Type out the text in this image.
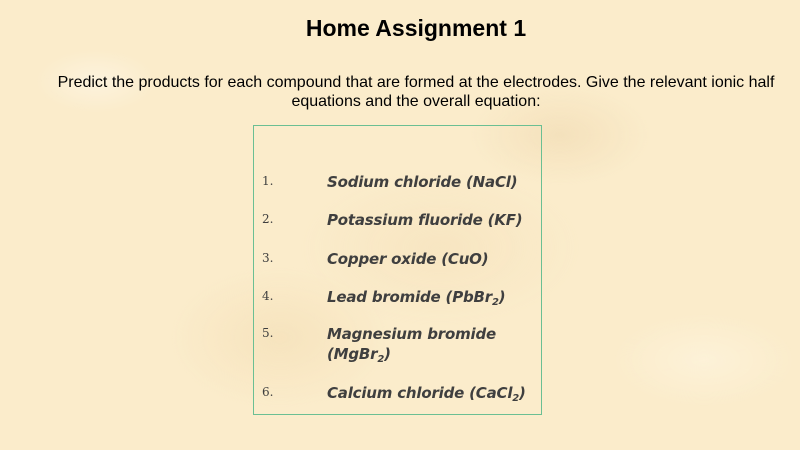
Home Assignment 1

Predict the products for each compound that are formed at the electrodes. Give the relevant ionic half equations and the overall equation:

1.	Sodium chloride (NaCl)
2.	Potassium fluoride (KF)
3.	Copper oxide (CuO)
4.	Lead bromide (PbBr$_2$)
5.	Magnesium bromide
(MgBr$_2$)
6.	Calcium chloride (CaCl$_2$)
